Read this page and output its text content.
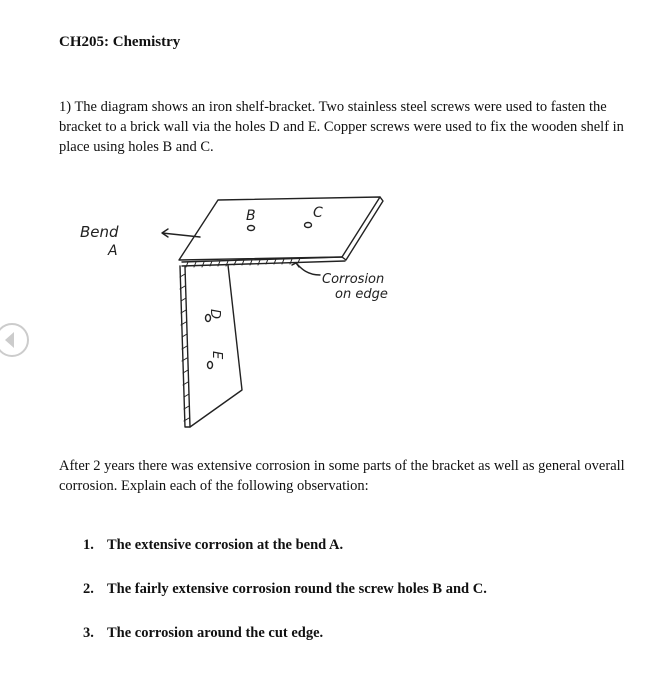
CH205: Chemistry

1) The diagram shows an iron shelf-bracket. Two stainless steel screws were used to fasten the bracket to a brick wall via the holes D and E. Copper screws were used to fix the wooden shelf in place using holes B and C.

Bend
A
B	C
D
E
Corrosion
on edge

After 2 years there was extensive corrosion in some parts of the bracket as well as general overall corrosion. Explain each of the following observation:

1. The extensive corrosion at the bend A.
2. The fairly extensive corrosion round the screw holes B and C.
3. The corrosion around the cut edge.
